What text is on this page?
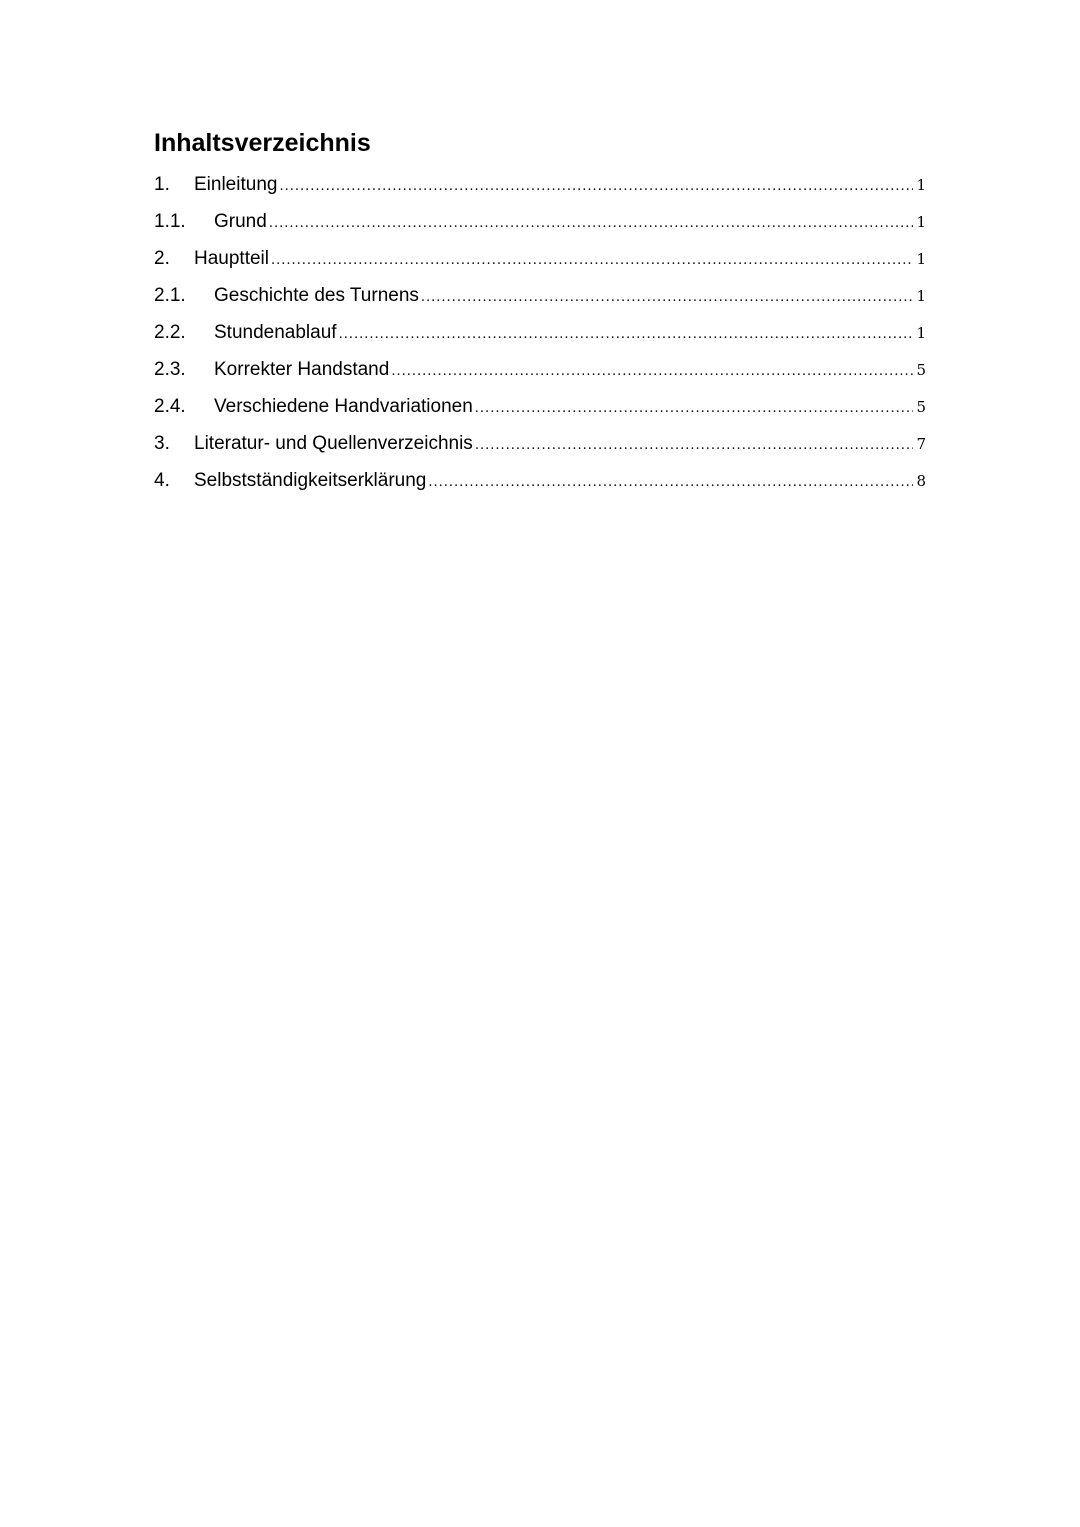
Inhaltsverzeichnis
1.	Einleitung .....	1
1.1.	Grund .....	1
2.	Hauptteil .....	1
2.1.	Geschichte des Turnens .....	1
2.2.	Stundenablauf .....	1
2.3.	Korrekter Handstand .....	5
2.4.	Verschiedene Handvariationen .....	5
3.	Literatur- und Quellenverzeichnis .....	7
4.	Selbstständigkeitserklärung .....	8
